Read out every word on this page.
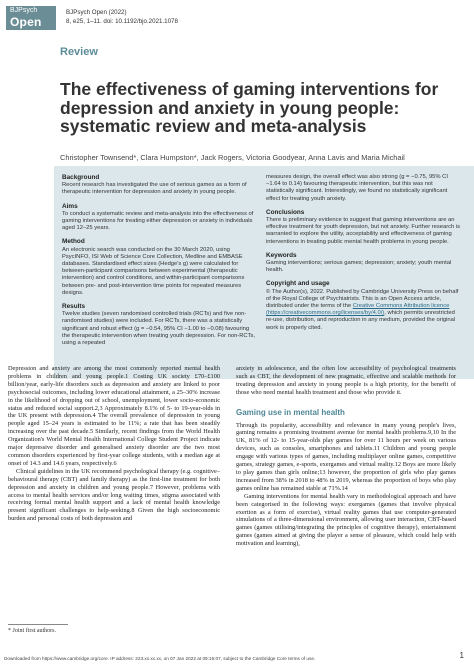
BJPsych
Open
BJPsych Open (2022)
8, e25, 1–11. doi: 10.1192/bjo.2021.1078
Review
The effectiveness of gaming interventions for depression and anxiety in young people: systematic review and meta-analysis
Christopher Townsend*, Clara Humpston*, Jack Rogers, Victoria Goodyear, Anna Lavis and Maria Michail
Background
Recent research has investigated the use of serious games as a form of therapeutic intervention for depression and anxiety in young people.
Aims
To conduct a systematic review and meta-analysis into the effectiveness of gaming interventions for treating either depression or anxiety in individuals aged 12–25 years.
Method
An electronic search was conducted on the 30 March 2020, using PsycINFO, ISI Web of Science Core Collection, Medline and EMBASE databases. Standardised effect sizes (Hedge's g) were calculated for between-participant comparisons between experimental (therapeutic intervention) and control conditions, and within-participant comparisons between pre- and post-intervention time points for repeated measures designs.
Results
Twelve studies (seven randomised controlled trials (RCTs) and five non-randomised studies) were included. For RCTs, there was a statistically significant and robust effect (g = −0.54, 95% CI −1.00 to −0.08) favouring the therapeutic intervention when treating youth depression. For non-RCTs, using a repeated
measures design, the overall effect was also strong (g = −0.75, 95% CI −1.64 to 0.14) favouring therapeutic intervention, but this was not statistically significant. Interestingly, we found no statistically significant effect for treating youth anxiety.
Conclusions
There is preliminary evidence to suggest that gaming interventions are an effective treatment for youth depression, but not anxiety. Further research is warranted to explore the utility, acceptability and effectiveness of gaming interventions in treating public mental health problems in young people.
Keywords
Gaming interventions; serious games; depression; anxiety; youth mental health.
Copyright and usage
© The Author(s), 2022. Published by Cambridge University Press on behalf of the Royal College of Psychiatrists. This is an Open Access article, distributed under the terms of the Creative Commons Attribution licence (https://creativecommons.org/licenses/by/4.0/), which permits unrestricted re-use, distribution, and reproduction in any medium, provided the original work is properly cited.

Depression and anxiety are among the most commonly reported mental health problems in children and young people.1 Costing UK society £70–£100 billion/year, early-life disorders such as depression and anxiety are linked to poor psychosocial outcomes, including lower educational attainment, a 25–30% increase in the likelihood of dropping out of school, unemployment, lower socio-economic status and reduced social support.2,3 Approximately 8.1% of 5- to 19-year-olds in the UK present with depression.4 The overall prevalence of depression in young people aged 15–24 years is estimated to be 11%; a rate that has been steadily increasing over the past decade.5 Similarly, recent findings from the World Health Organization's World Mental Health International College Student Project indicate major depressive disorder and generalised anxiety disorder are the two most common disorders experienced by first-year college students, with a median age at onset of 14.3 and 14.6 years, respectively.6

Clinical guidelines in the UK recommend psychological therapy (e.g. cognitive–behavioural therapy (CBT) and family therapy) as the first-line treatment for both depression and anxiety in children and young people.7 However, problems with access to mental health services and/or long waiting times, stigma associated with receiving formal mental health support and a lack of mental health knowledge present significant challenges to help-seeking.8 Given the high socioeconomic burden and personal costs of both depression and

anxiety in adolescence, and the often low accessibility of psychological treatments such as CBT, the development of new pragmatic, effective and scalable methods for treating depression and anxiety in young people is a high priority, for the benefit of those who need mental health treatment and those who provide it.

Gaming use in mental health

Through its popularity, accessibility and relevance in many young people's lives, gaming remains a promising treatment avenue for mental health problems.9,10 In the UK, 81% of 12- to 15-year-olds play games for over 11 hours per week on various devices, such as consoles, smartphones and tablets.11 Children and young people engage with various types of games, including multiplayer online games, competitive games, strategy games, e-sports, exergames and virtual reality.12 Boys are more likely to play games than girls online;13 however, the proportion of girls who play games increased from 38% in 2018 to 48% in 2019, whereas the proportion of boys who play games online has remained stable at 71%.14

Gaming interventions for mental health vary in methodological approach and have been categorised in the following ways: exergames (games that involve physical exertion as a form of exercise), virtual reality games that use computer-generated simulations of a three-dimensional environment, allowing user interaction, CBT-based games (games utilising/integrating the principles of cognitive therapy), entertainment games (games aimed at giving the player a sense of pleasure, which could help with motivation and learning),

* Joint first authors.
Downloaded from https://www.cambridge.org/core. IP address: 223.xx.xx.xx, on 07 Jan 2022 at 09:16:07, subject to the Cambridge Core terms of use.	1
